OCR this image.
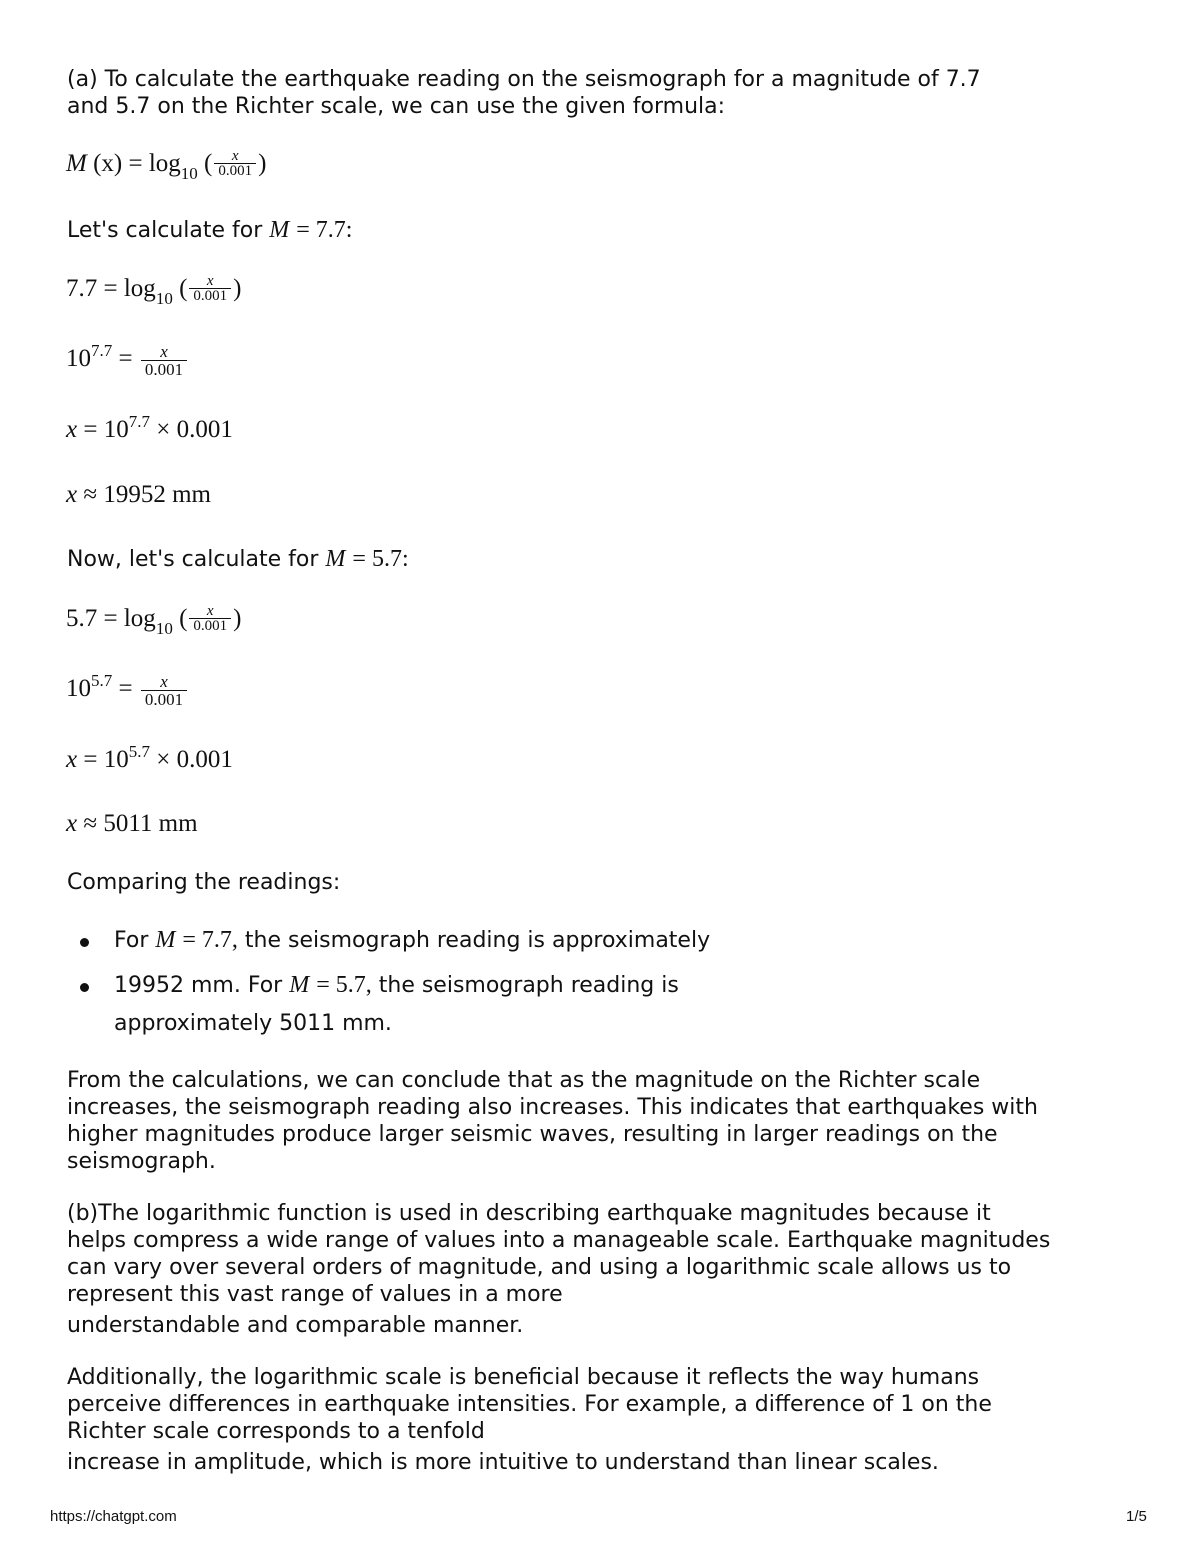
(a) To calculate the earthquake reading on the seismograph for a magnitude of 7.7
and 5.7 on the Richter scale, we can use the given formula:
M $(x) = \log_{10}$ ( $\frac{x}{0.001}$ )
Let's calculate for M = 7.7:
$7.7 = \log_{10}$ ( $\frac{x}{0.001}$ )
$10^{7.7} = \frac{x}{0.001}$
$x = 10^{7.7} \times 0.001$
x ≈ 19952 mm
Now, let's calculate for M = 5.7:
$5.7 = \log_{10}$ ( $\frac{x}{0.001}$ )
$10^{5.7} = \frac{x}{0.001}$
$x = 10^{5.7} \times 0.001$
x ≈ 5011 mm
Comparing the readings:
For M = 7.7, the seismograph reading is approximately
19952 mm. For M = 5.7, the seismograph reading is
approximately 5011 mm.
From the calculations, we can conclude that as the magnitude on the Richter scale
increases, the seismograph reading also increases. This indicates that earthquakes with
higher magnitudes produce larger seismic waves, resulting in larger readings on the
seismograph.
(b)The logarithmic function is used in describing earthquake magnitudes because it
helps compress a wide range of values into a manageable scale. Earthquake magnitudes
can vary over several orders of magnitude, and using a logarithmic scale allows us to
represent this vast range of values in a more
understandable and comparable manner.
Additionally, the logarithmic scale is beneficial because it reflects the way humans
perceive differences in earthquake intensities. For example, a difference of 1 on the
Richter scale corresponds to a tenfold
increase in amplitude, which is more intuitive to understand than linear scales.
https://chatgpt.com	1/5
